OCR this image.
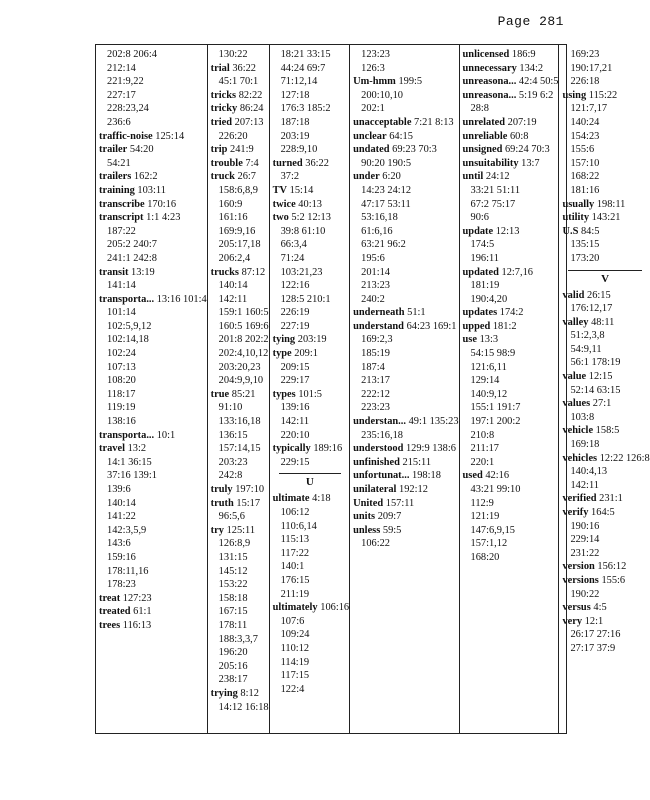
Page 281
202:8 206:4
212:14
221:9,22
227:17
228:23,24
236:6
traffic-noise 125:14
trailer 54:20
54:21
trailers 162:2
training 103:11
transcribe 170:16
transcript 1:1 4:23
187:22
205:2 240:7
241:1 242:8
transit 13:19
141:14
transporta... 13:16 101:4
101:14
102:5,9,12
102:14,18
102:24
107:13
108:20
118:17
119:19
138:16
transporta... 10:1
travel 13:2
14:1 36:15
37:16 139:1
139:6
140:14
141:22
142:3,5,9
143:6
159:16
178:11,16
178:23
treat 127:23
treated 61:1
trees 116:13
130:22
trial 36:22
45:1 70:1
tricks 82:22
tricky 86:24
tried 207:13
226:20
trip 241:9
trouble 7:4
truck 26:7
158:6,8,9
160:9
161:16
169:9,16
205:17,18
206:2,4
trucks 87:12
140:14
142:11
159:1 160:5
160:5 169:6
201:8 202:2
202:4,10,12
203:20,23
204:9,9,10
true 85:21
91:10
133:16,18
136:15
157:14,15
203:23
242:8
truly 197:10
truth 15:17
96:5,6
try 125:11
126:8,9
131:15
145:12
153:22
158:18
167:15
178:11
188:3,3,7
196:20
205:16
238:17
trying 8:12
14:12 16:18
18:21 33:15
44:24 69:7
71:12,14
127:18
176:3 185:2
187:18
203:19
228:9,10
turned 36:22
37:2
TV 15:14
twice 40:13
two 5:2 12:13
39:8 61:10
66:3,4
71:24
103:21,23
122:16
128:5 210:1
226:19
227:19
tying 203:19
type 209:1
209:15
229:17
types 101:5
139:16
142:11
220:10
typically 189:16
229:15
U
ultimate 4:18
106:12
110:6,14
115:13
117:22
140:1
176:15
211:19
ultimately 106:16
107:6
109:24
110:12
114:19
117:15
122:4
123:23
126:3
Um-hmm 199:5
200:10,10
202:1
unacceptable 7:21 8:13
unclear 64:15
undated 69:23 70:3
90:20 190:5
under 6:20
14:23 24:12
47:17 53:11
53:16,18
61:6,16
63:21 96:2
195:6
201:14
213:23
240:2
underneath 51:1
understand 64:23 169:1
169:2,3
185:19
187:4
213:17
222:12
223:23
understan... 49:1 135:23
235:16,18
understood 129:9 138:6
unfinished 215:11
unfortunat... 198:18
unilateral 192:12
United 157:11
units 209:7
unless 59:5
106:22
unlicensed 186:9
unnecessary 134:2
unreasona... 42:4 50:5
unreasona... 5:19 6:2
28:8
unrelated 207:19
unreliable 60:8
unsigned 69:24 70:3
unsuitability 13:7
until 24:12
33:21 51:11
67:2 75:17
90:6
update 12:13
174:5
196:11
updated 12:7,16
181:19
190:4,20
updates 174:2
upped 181:2
use 13:3
54:15 98:9
121:6,11
129:14
140:9,12
155:1 191:7
197:1 200:2
210:8
211:17
220:1
used 42:16
43:21 99:10
112:9
121:19
147:6,9,15
157:1,12
168:20
169:23
190:17,21
226:18
using 115:22
121:7,17
140:24
154:23
155:6
157:10
168:22
181:16
usually 198:11
utility 143:21
U.S 84:5
135:15
173:20
V
valid 26:15
176:12,17
valley 48:11
51:2,3,8
54:9,11
56:1 178:19
value 12:15
52:14 63:15
values 27:1
103:8
vehicle 158:5
169:18
vehicles 12:22 126:8
140:4,13
142:11
verified 231:1
verify 164:5
190:16
229:14
231:22
version 156:12
versions 155:6
190:22
versus 4:5
very 12:1
26:17 27:16
27:17 37:9
